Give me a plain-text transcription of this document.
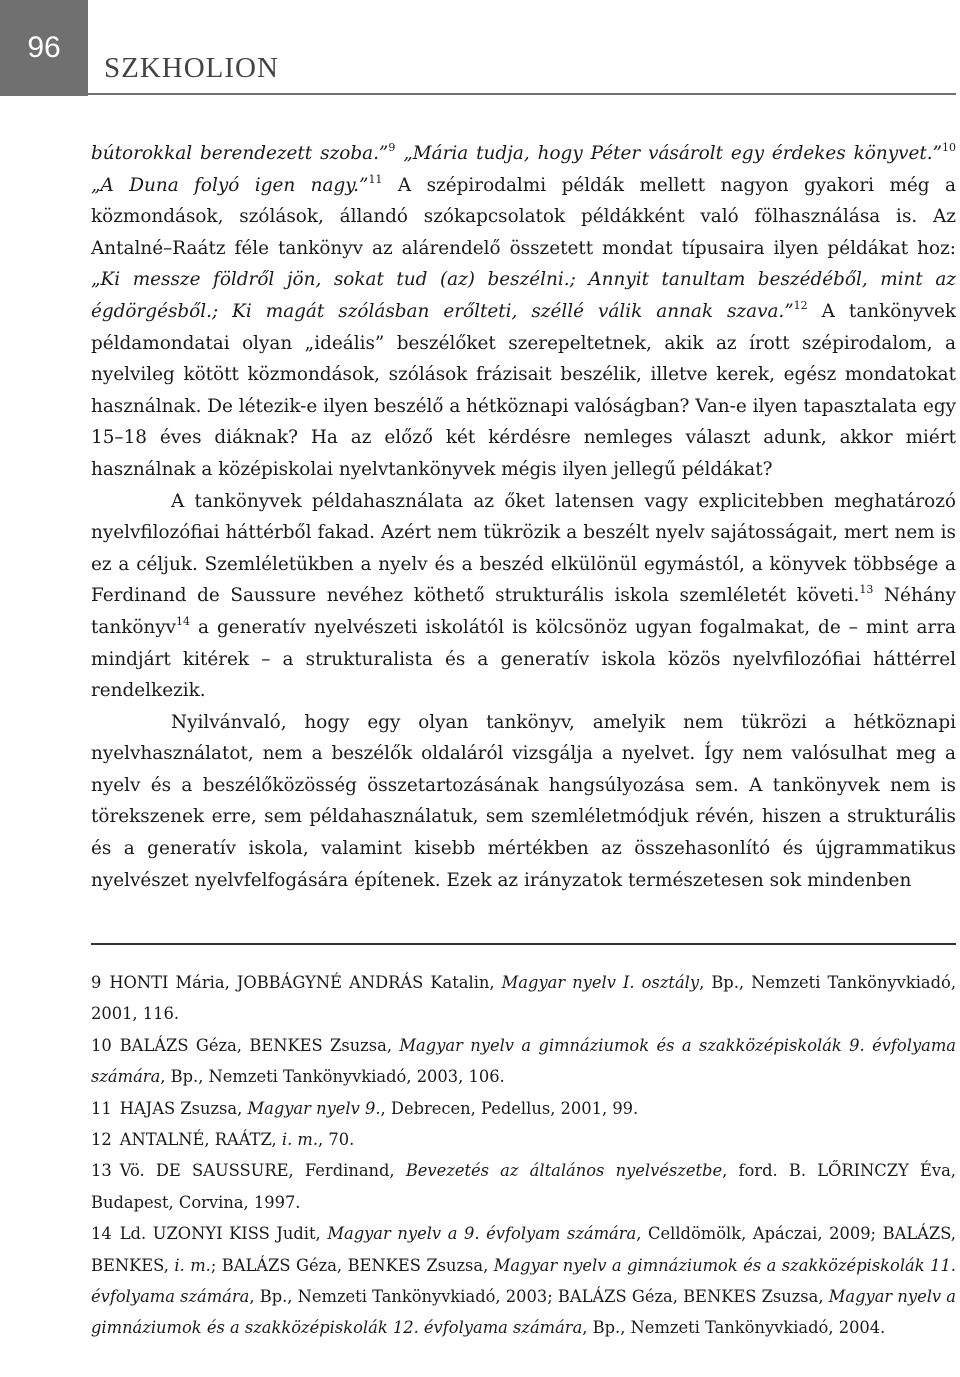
96
SZKHOLION

bútorokkal berendezett szoba.”$^9$ „Mária tudja, hogy Péter vásárolt egy érdekes könyvet.”$^{10}$ „A Duna folyó igen nagy.”$^{11}$ A szépirodalmi példák mellett nagyon gyakori még a közmondások, szólások, állandó szókapcsolatok példákként való fölhasználása is. Az Antalné–Raátz féle tankönyv az alárendelő összetett mondat típusaira ilyen példákat hoz: „Ki messze földről jön, sokat tud (az) beszélni.; Annyit tanultam beszédéből, mint az égdörgésből.; Ki magát szólásban erőlteti, széllé válik annak szava.”$^{12}$ A tankönyvek példamondatai olyan „ideális” beszélőket szerepeltetnek, akik az írott szépirodalom, a nyelvileg kötött közmondások, szólások frázisait beszélik, illetve kerek, egész mondatokat használnak. De létezik-e ilyen beszélő a hétköznapi valóságban? Van-e ilyen tapasztalata egy 15–18 éves diáknak? Ha az előző két kérdésre nemleges választ adunk, akkor miért használnak a középiskolai nyelvtankönyvek mégis ilyen jellegű példákat?

A tankönyvek példahasználata az őket latensen vagy explicitebben meghatározó nyelvfilozófiai háttérből fakad. Azért nem tükrözik a beszélt nyelv sajátosságait, mert nem is ez a céljuk. Szemléletükben a nyelv és a beszéd elkülönül egymástól, a könyvek többsége a Ferdinand de Saussure nevéhez köthető strukturális iskola szemléletét követi.$^{13}$ Néhány tankönyv$^{14}$ a generatív nyelvészeti iskolától is kölcsönöz ugyan fogalmakat, de – mint arra mindjárt kitérek – a strukturalista és a generatív iskola közös nyelvfilozófiai háttérrel rendelkezik.

Nyilvánvaló, hogy egy olyan tankönyv, amelyik nem tükrözi a hétköznapi nyelvhasználatot, nem a beszélők oldaláról vizsgálja a nyelvet. Így nem valósulhat meg a nyelv és a beszélőközösség összetartozásának hangsúlyozása sem. A tankönyvek nem is törekszenek erre, sem példahasználatuk, sem szemléletmódjuk révén, hiszen a strukturális és a generatív iskola, valamint kisebb mértékben az összehasonlító és újgrammatikus nyelvészet nyelvfelfogására építenek. Ezek az irányzatok természetesen sok mindenben

9 HONTI Mária, JOBBÁGYNÉ ANDRÁS Katalin, Magyar nyelv I. osztály, Bp., Nemzeti Tankönyvkiadó, 2001, 116.

10 BALÁZS Géza, BENKES Zsuzsa, Magyar nyelv a gimnáziumok és a szakközépiskolák 9. évfolyama számára, Bp., Nemzeti Tankönyvkiadó, 2003, 106.

11 HAJAS Zsuzsa, Magyar nyelv 9., Debrecen, Pedellus, 2001, 99.

12 ANTALNÉ, RAÁTZ, i. m., 70.

13 Vö. DE SAUSSURE, Ferdinand, Bevezetés az általános nyelvészetbe, ford. B. LŐRINCZY Éva, Budapest, Corvina, 1997.

14 Ld. UZONYI KISS Judit, Magyar nyelv a 9. évfolyam számára, Celldömölk, Apáczai, 2009; BALÁZS, BENKES, i. m.; BALÁZS Géza, BENKES Zsuzsa, Magyar nyelv a gimnáziumok és a szakközépiskolák 11. évfolyama számára, Bp., Nemzeti Tankönyvkiadó, 2003; BALÁZS Géza, BENKES Zsuzsa, Magyar nyelv a gimnáziumok és a szakközépiskolák 12. évfolyama számára, Bp., Nemzeti Tankönyvkiadó, 2004.
